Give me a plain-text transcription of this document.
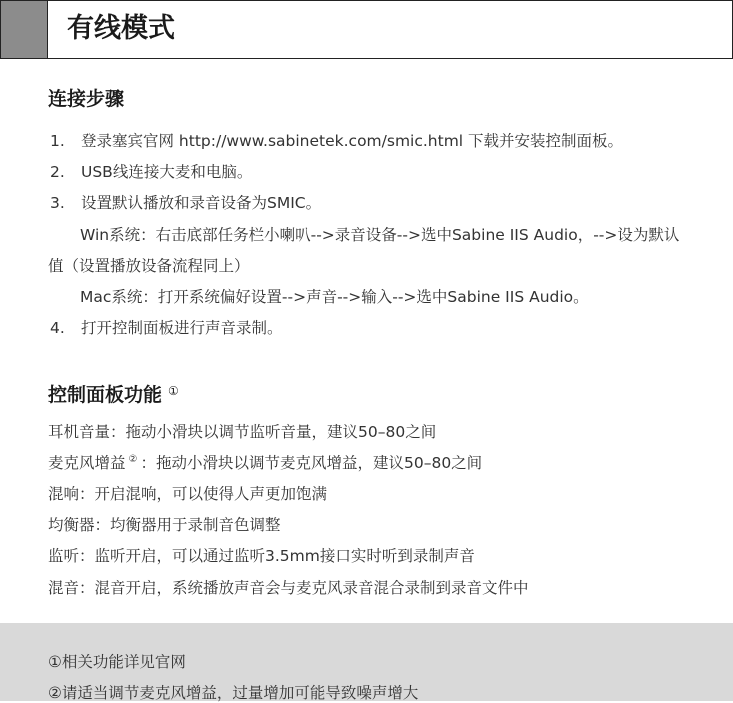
有线模式
连接步骤
1. 登录塞宾官网 http://www.sabinetek.com/smic.html 下载并安装控制面板。
2. USB线连接大麦和电脑。
3. 设置默认播放和录音设备为SMIC。
Win系统：右击底部任务栏小喇叭-->录音设备-->选中Sabine IIS Audio，-->设为默认
值（设置播放设备流程同上）
Mac系统：打开系统偏好设置-->声音-->输入-->选中Sabine IIS Audio。
4. 打开控制面板进行声音录制。
控制面板功能 ①
耳机音量：拖动小滑块以调节监听音量，建议50–80之间
麦克风增益 ② ：拖动小滑块以调节麦克风增益，建议50–80之间
混响：开启混响，可以使得人声更加饱满
均衡器：均衡器用于录制音色调整
监听：监听开启，可以通过监听3.5mm接口实时听到录制声音
混音：混音开启，系统播放声音会与麦克风录音混合录制到录音文件中
①相关功能详见官网
②请适当调节麦克风增益，过量增加可能导致噪声增大
